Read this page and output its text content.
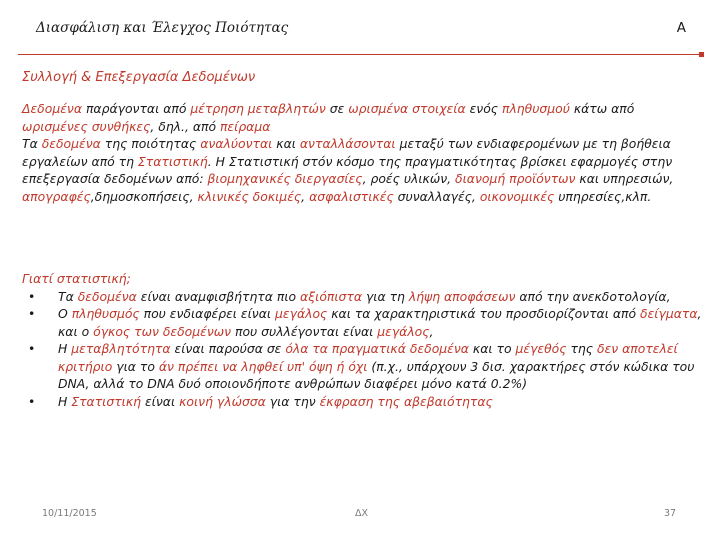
Διασφάλιση και Έλεγχος Ποιότητας	A
Συλλογή & Επεξεργασία Δεδομένων
Δεδομένα παράγονται από μέτρηση μεταβλητών σε ωρισμένα στοιχεία ενός πληθυσμού κάτω από ωρισμένες συνθήκες, δηλ., από πείραμα
Τα δεδομένα της ποιότητας αναλύονται και ανταλλάσονται μεταξύ των ενδιαφερομένων με τη βοήθεια εργαλείων από τη Στατιστική. Η Στατιστική στόν κόσμο της πραγματικότητας βρίσκει εφαρμογές στην επεξεργασία δεδομένων από: βιομηχανικές διεργασίες, ροές υλικών, διανομή προϊόντων και υπηρεσιών, απογραφές,δημοσκοπήσεις, κλινικές δοκιμές, ασφαλιστικές συναλλαγές, οικονομικές υπηρεσίες,κλπ.
Γιατί στατιστική;
• Τα δεδομένα είναι αναμφισβήτητα πιο αξιόπιστα για τη λήψη αποφάσεων από την ανεκδοτολογία,
• Ο πληθυσμός που ενδιαφέρει είναι μεγάλος και τα χαρακτηριστικά του προσδιορίζονται από δείγματα, και ο όγκος των δεδομένων που συλλέγονται είναι μεγάλος,
• Η μεταβλητότητα είναι παρούσα σε όλα τα πραγματικά δεδομένα και το μέγεθός της δεν αποτελεί κριτήριο για το άν πρέπει να ληφθεί υπ' όψη ή όχι (π.χ., υπάρχουν 3 δισ. χαρακτήρες στόν κώδικα του DNA, αλλά το DNA δυό οποιονδήποτε ανθρώπων διαφέρει μόνο κατά 0.2%)
• Η Στατιστική είναι κοινή γλώσσα για την έκφραση της αβεβαιότητας
10/11/2015	ΔΧ	37
